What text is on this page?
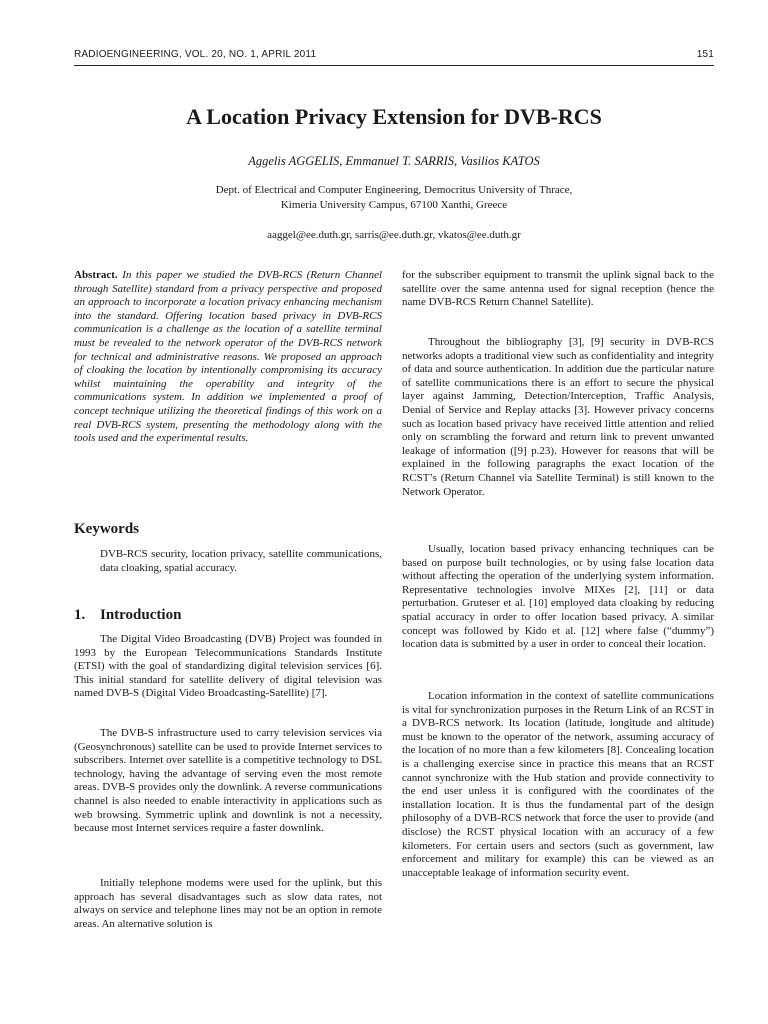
RADIOENGINEERING, VOL. 20, NO. 1, APRIL 2011	151
A Location Privacy Extension for DVB-RCS
Aggelis AGGELIS, Emmanuel T. SARRIS, Vasilios KATOS
Dept. of Electrical and Computer Engineering, Democritus University of Thrace,
Kimeria University Campus, 67100 Xanthi, Greece
aaggel@ee.duth.gr, sarris@ee.duth.gr, vkatos@ee.duth.gr

Abstract. In this paper we studied the DVB-RCS (Return Channel through Satellite) standard from a privacy perspective and proposed an approach to incorporate a location privacy enhancing mechanism into the standard. Offering location based privacy in DVB-RCS communication is a challenge as the location of a satellite terminal must be revealed to the network operator of the DVB-RCS network for technical and administrative reasons. We proposed an approach of cloaking the location by intentionally compromising its accuracy whilst maintaining the operability and integrity of the communications system. In addition we implemented a proof of concept technique utilizing the theoretical findings of this work on a real DVB-RCS system, presenting the methodology along with the tools used and the experimental results.

Keywords

DVB-RCS security, location privacy, satellite communications, data cloaking, spatial accuracy.

1. Introduction

The Digital Video Broadcasting (DVB) Project was founded in 1993 by the European Telecommunications Standards Institute (ETSI) with the goal of standardizing digital television services [6]. This initial standard for satellite delivery of digital television was named DVB-S (Digital Video Broadcasting-Satellite) [7].

The DVB-S infrastructure used to carry television services via (Geosynchronous) satellite can be used to provide Internet services to subscribers. Internet over satellite is a competitive technology to DSL technology, having the advantage of serving even the most remote areas. DVB-S provides only the downlink. A reverse communications channel is also needed to enable interactivity in applications such as web browsing. Symmetric uplink and downlink is not a necessity, because most Internet services require a faster downlink.

Initially telephone modems were used for the uplink, but this approach has several disadvantages such as slow data rates, not always on service and telephone lines may not be an option in remote areas. An alternative solution is

for the subscriber equipment to transmit the uplink signal back to the satellite over the same antenna used for signal reception (hence the name DVB-RCS Return Channel Satellite).

Throughout the bibliography [3], [9] security in DVB-RCS networks adopts a traditional view such as confidentiality and integrity of data and source authentication. In addition due the particular nature of satellite communications there is an effort to secure the physical layer against Jamming, Detection/Interception, Traffic Analysis, Denial of Service and Replay attacks [3]. However privacy concerns such as location based privacy have received little attention and relied only on scrambling the forward and return link to prevent unwanted leakage of information ([9] p.23). However for reasons that will be explained in the following paragraphs the exact location of the RCST’s (Return Channel via Satellite Terminal) is still known to the Network Operator.

Usually, location based privacy enhancing techniques can be based on purpose built technologies, or by using false location data without affecting the operation of the underlying system information. Representative technologies involve MIXes [2], [11] or data perturbation. Gruteser et al. [10] employed data cloaking by reducing spatial accuracy in order to offer location based privacy. A similar concept was followed by Kido et al. [12] where false (“dummy”) location data is submitted by a user in order to conceal their location.

Location information in the context of satellite communications is vital for synchronization purposes in the Return Link of an RCST in a DVB-RCS network. Its location (latitude, longitude and altitude) must be known to the operator of the network, assuming accuracy of the location of no more than a few kilometers [8]. Concealing location is a challenging exercise since in practice this means that an RCST cannot synchronize with the Hub station and provide connectivity to the end user unless it is configured with the coordinates of the installation location. It is thus the fundamental part of the design philosophy of a DVB-RCS network that force the user to provide (and disclose) the RCST physical location with an accuracy of a few kilometers. For certain users and sectors (such as government, law enforcement and military for example) this can be viewed as an unacceptable leakage of information security event.
